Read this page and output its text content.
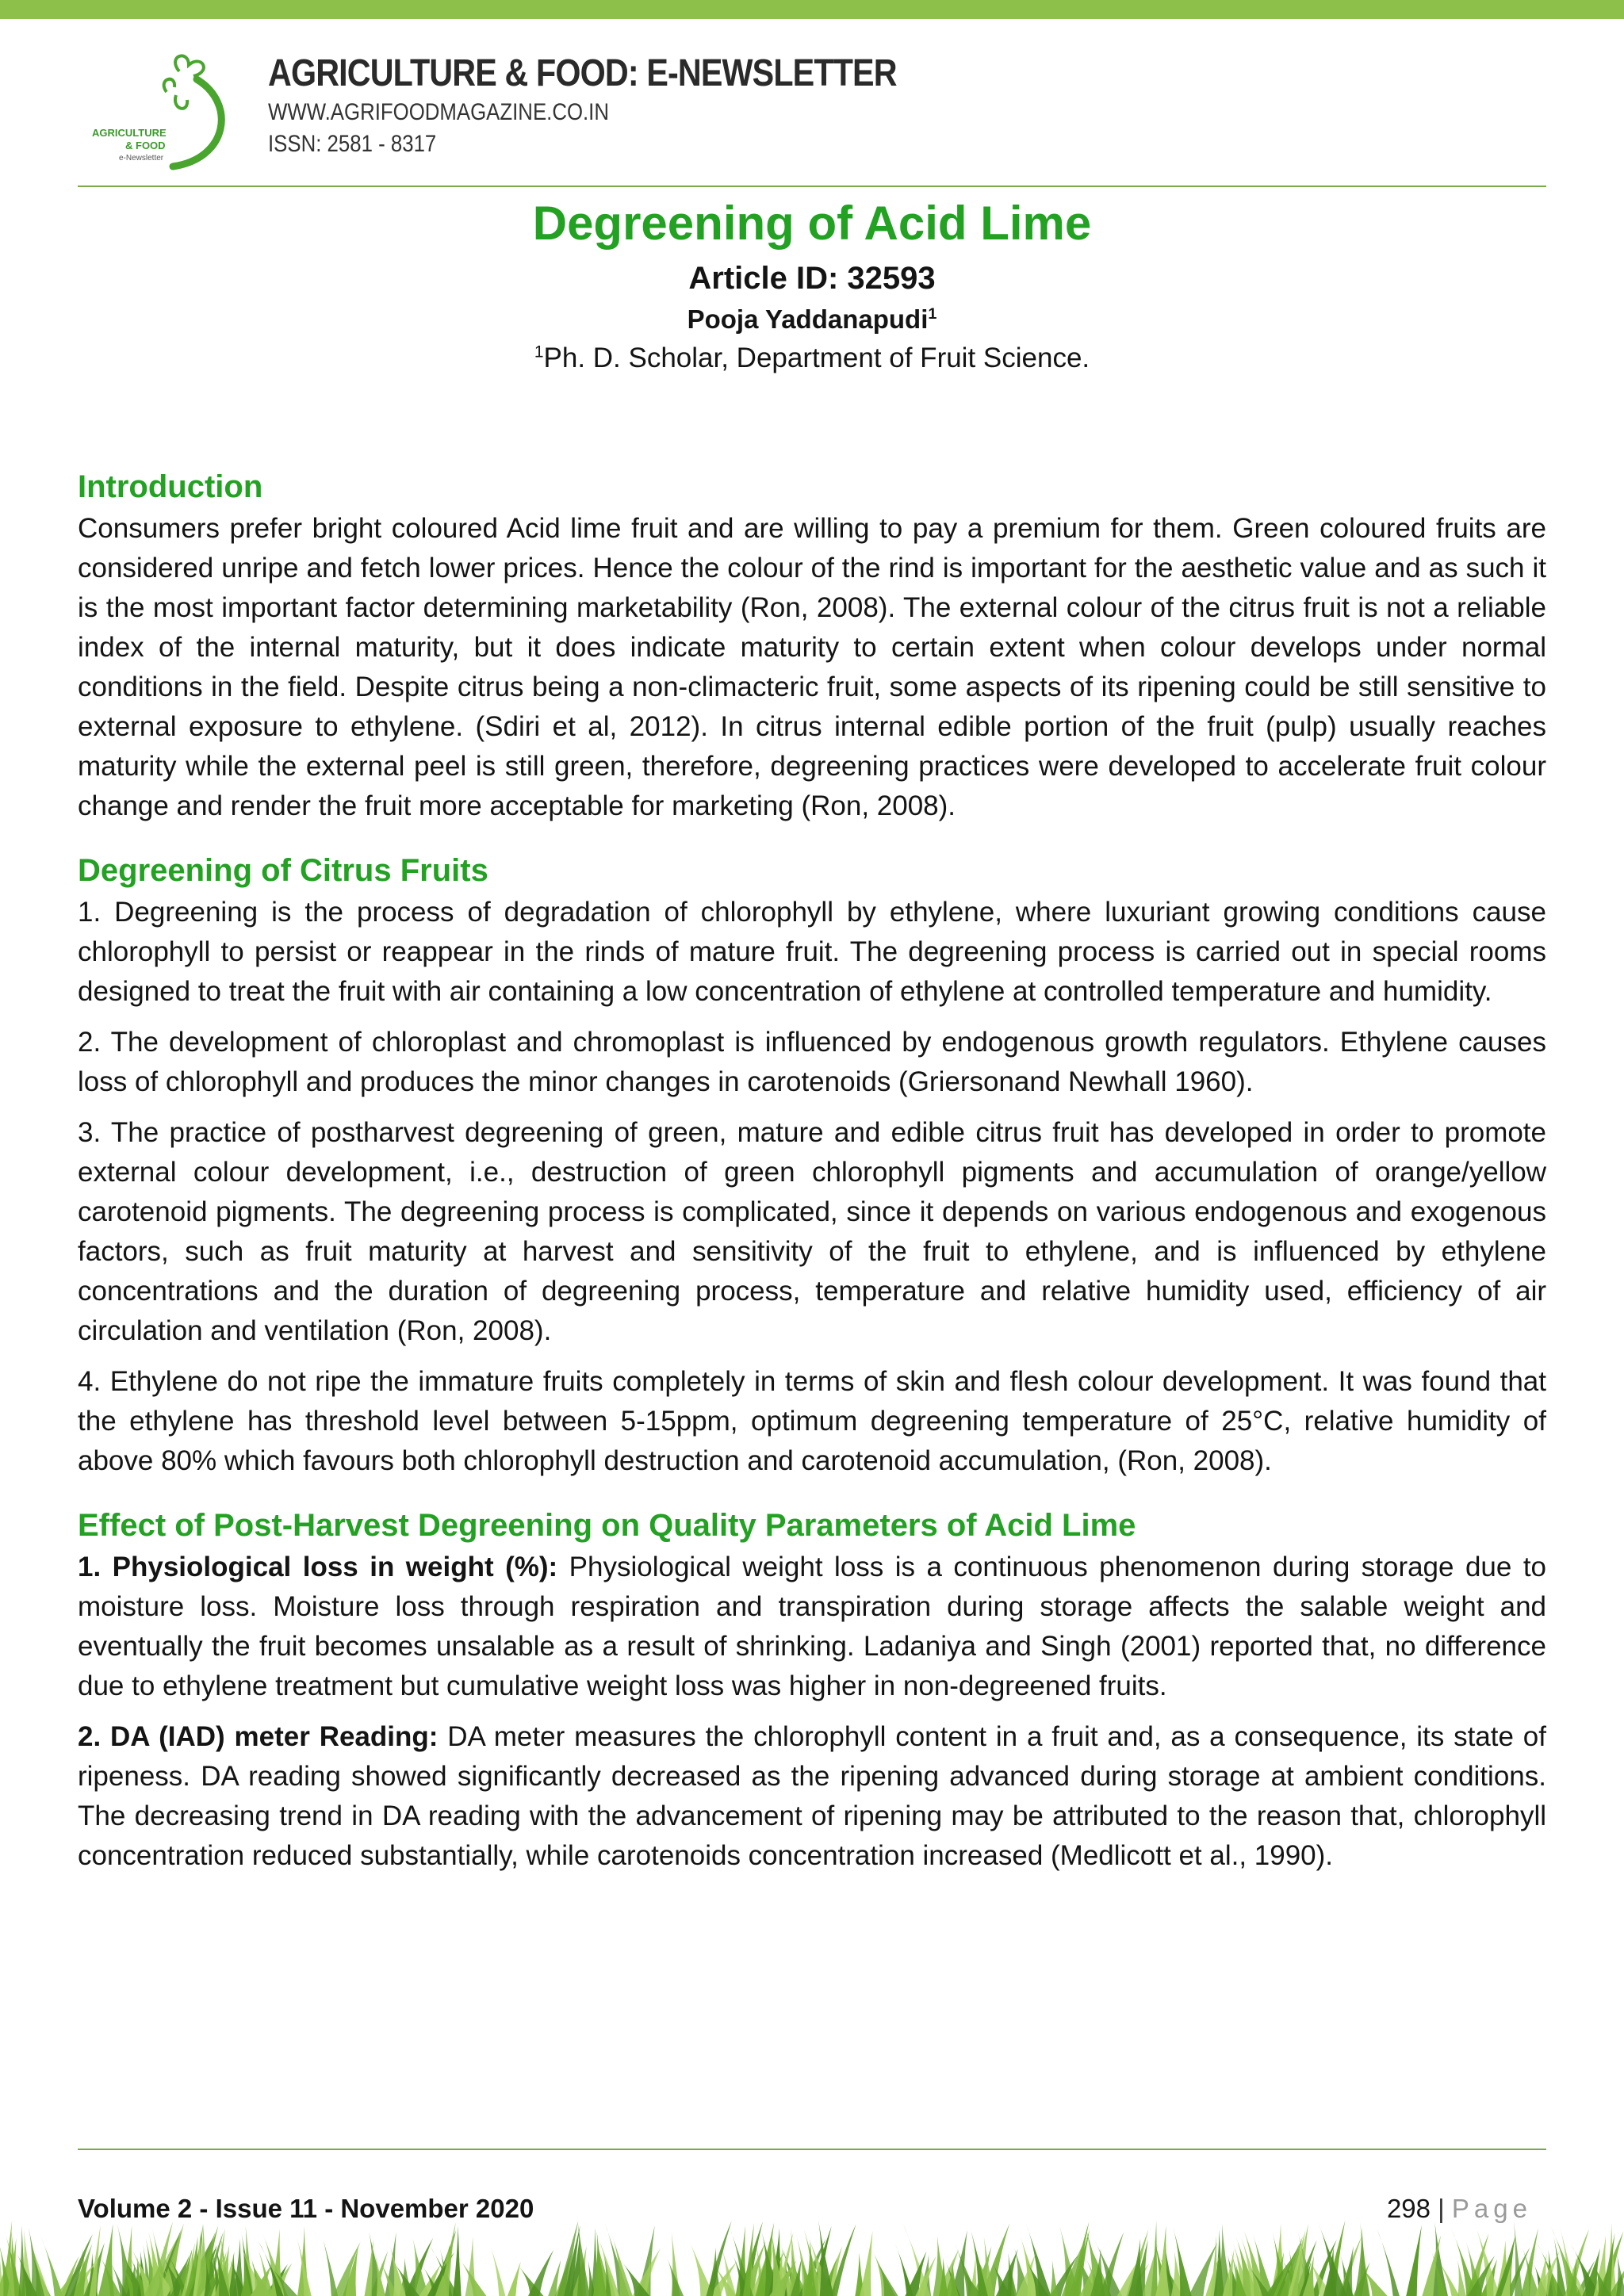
AGRICULTURE
& FOOD
e-Newsletter
AGRICULTURE & FOOD: E-NEWSLETTER
WWW.AGRIFOODMAGAZINE.CO.IN
ISSN: 2581 - 8317
Degreening of Acid Lime
Article ID: 32593
Pooja Yaddanapudi$^1$
$^1$Ph. D. Scholar, Department of Fruit Science.
Introduction

Consumers prefer bright coloured Acid lime fruit and are willing to pay a premium for them. Green coloured fruits are considered unripe and fetch lower prices. Hence the colour of the rind is important for the aesthetic value and as such it is the most important factor determining marketability (Ron, 2008). The external colour of the citrus fruit is not a reliable index of the internal maturity, but it does indicate maturity to certain extent when colour develops under normal conditions in the field. Despite citrus being a non-climacteric fruit, some aspects of its ripening could be still sensitive to external exposure to ethylene. (Sdiri et al, 2012). In citrus internal edible portion of the fruit (pulp) usually reaches maturity while the external peel is still green, therefore, degreening practices were developed to accelerate fruit colour change and render the fruit more acceptable for marketing (Ron, 2008).

Degreening of Citrus Fruits

1. Degreening is the process of degradation of chlorophyll by ethylene, where luxuriant growing conditions cause chlorophyll to persist or reappear in the rinds of mature fruit. The degreening process is carried out in special rooms designed to treat the fruit with air containing a low concentration of ethylene at controlled temperature and humidity.

2. The development of chloroplast and chromoplast is influenced by endogenous growth regulators. Ethylene causes loss of chlorophyll and produces the minor changes in carotenoids (Griersonand Newhall 1960).

3. The practice of postharvest degreening of green, mature and edible citrus fruit has developed in order to promote external colour development, i.e., destruction of green chlorophyll pigments and accumulation of orange/yellow carotenoid pigments. The degreening process is complicated, since it depends on various endogenous and exogenous factors, such as fruit maturity at harvest and sensitivity of the fruit to ethylene, and is influenced by ethylene concentrations and the duration of degreening process, temperature and relative humidity used, efficiency of air circulation and ventilation (Ron, 2008).

4. Ethylene do not ripe the immature fruits completely in terms of skin and flesh colour development. It was found that the ethylene has threshold level between 5-15ppm, optimum degreening temperature of 25°C, relative humidity of above 80% which favours both chlorophyll destruction and carotenoid accumulation, (Ron, 2008).

Effect of Post-Harvest Degreening on Quality Parameters of Acid Lime

1. Physiological loss in weight (%): Physiological weight loss is a continuous phenomenon during storage due to moisture loss. Moisture loss through respiration and transpiration during storage affects the salable weight and eventually the fruit becomes unsalable as a result of shrinking. Ladaniya and Singh (2001) reported that, no difference due to ethylene treatment but cumulative weight loss was higher in non-degreened fruits.

2. DA (IAD) meter Reading: DA meter measures the chlorophyll content in a fruit and, as a consequence, its state of ripeness. DA reading showed significantly decreased as the ripening advanced during storage at ambient conditions. The decreasing trend in DA reading with the advancement of ripening may be attributed to the reason that, chlorophyll concentration reduced substantially, while carotenoids concentration increased (Medlicott et al., 1990).

Volume 2 - Issue 11 - November 2020	298 | Page
